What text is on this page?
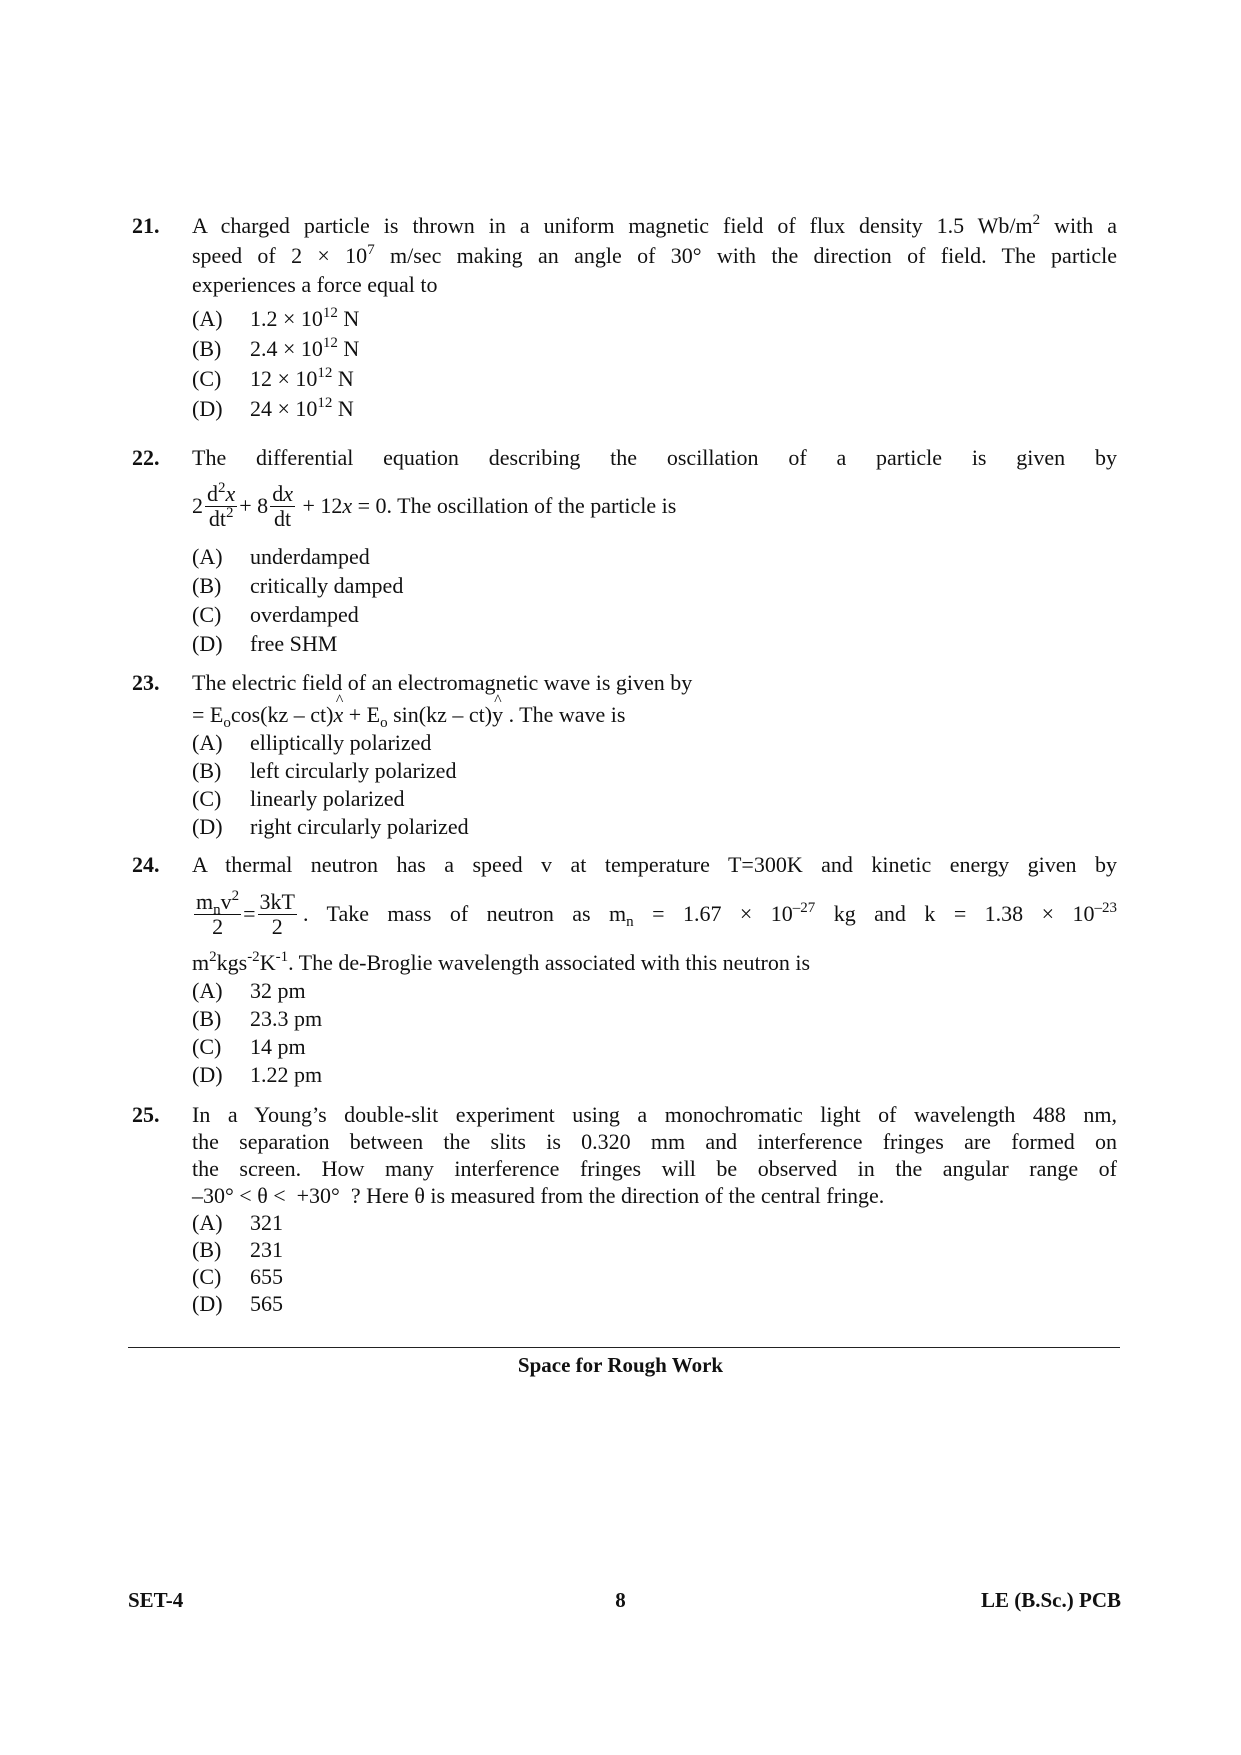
21.	A charged particle is thrown in a uniform magnetic field of flux density 1.5 $Wb/m^2$ with a
speed of $2 \times 10^7$ m/sec making an angle of 30° with the direction of field. The particle
experiences a force equal to
(A) $1.2 \times 10^{12}$ N
(B) $2.4 \times 10^{12}$ N
(C) $12 \times 10^{12}$ N
(D) $24 \times 10^{12}$ N
22.	The differential equation describing the oscillation of a particle is given by
$2 \frac{d^2x}{dt^2} + 8 \frac{dx}{dt} + 12x = 0$. The oscillation of the particle is
(A) underdamped
(B) critically damped
(C) overdamped
(D) free SHM
23.	The electric field of an electromagnetic wave is given by
= $E_o\cos(kz$ – ct)^ $x + E_o$ sin(kz – ct)^ y . The wave is
(A) elliptically polarized
(B) left circularly polarized
(C) linearly polarized
(D) right circularly polarized
24.	A thermal neutron has a speed v at temperature T=300K and kinetic energy given by
$\frac{m_nv^2}{2} = \frac{3kT}{2}$ . Take mass of neutron as $m_n = 1.67 \times 10^{-27}$ kg and $k = 1.38 \times 10^{-23}$
$m^2kgs^{-2}K^{-1}$. The de-Broglie wavelength associated with this neutron is
(A) 32 pm
(B) 23.3 pm
(C) 14 pm
(D) 1.22 pm
25.	In a Young’s double-slit experiment using a monochromatic light of wavelength 488 nm,
the separation between the slits is 0.320 mm and interference fringes are formed on
the screen. How many interference fringes will be observed in the angular range of
–30° < θ <  +30°  ? Here θ is measured from the direction of the central fringe.
(A) 321
(B) 231
(C) 655
(D) 565
Space for Rough Work
SET-4	8	LE (B.Sc.) PCB
